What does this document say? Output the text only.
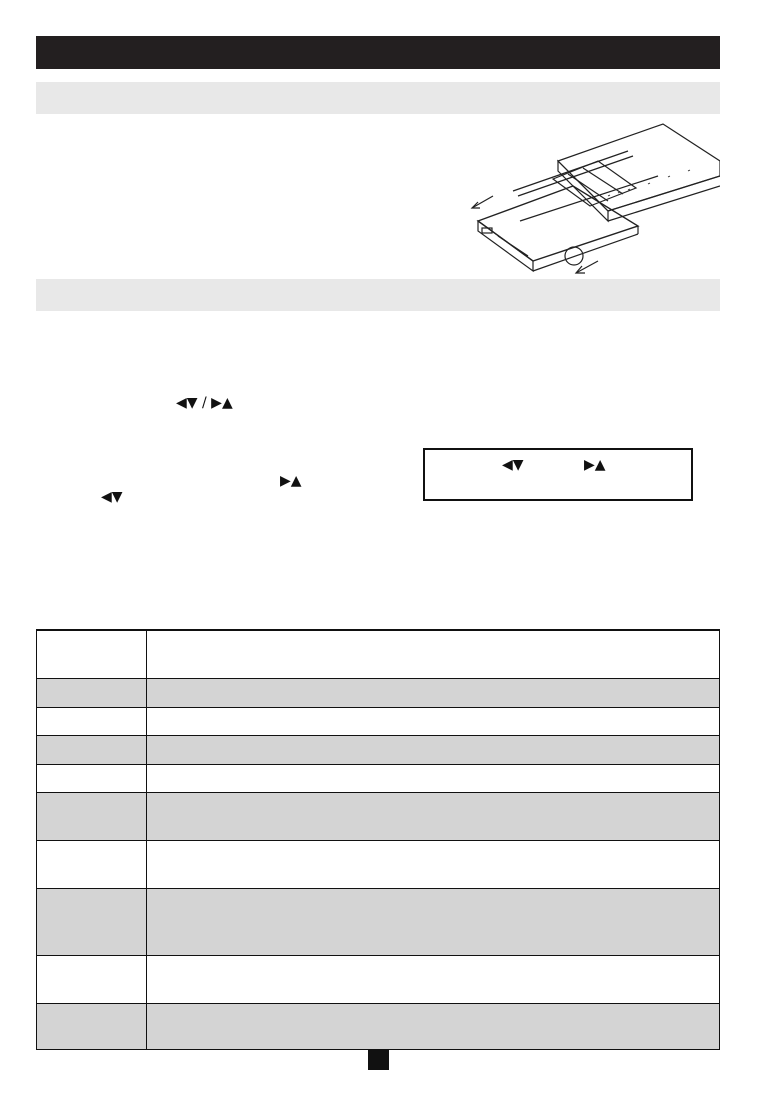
◀▼ / ▶▲
▶▲
◀▼
◀▼	▶▲
